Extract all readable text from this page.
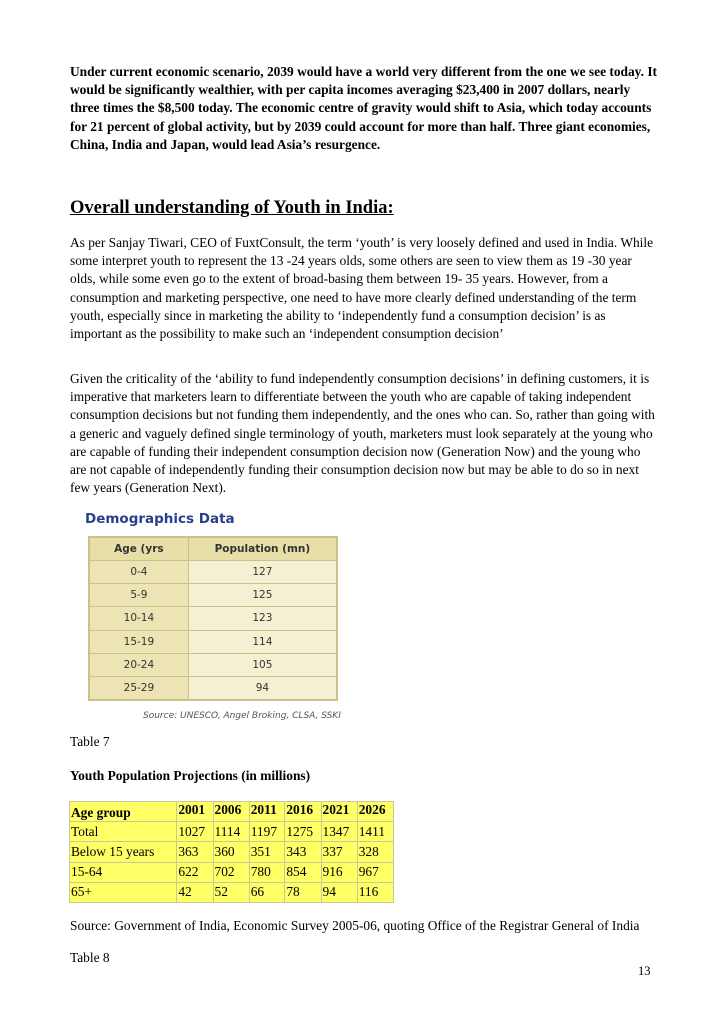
Under current economic scenario, 2039 would have a world very different from the one we see today. It would be significantly wealthier, with per capita incomes averaging $23,400 in 2007 dollars, nearly three times the $8,500 today. The economic centre of gravity would shift to Asia, which today accounts for 21 percent of global activity, but by 2039 could account for more than half. Three giant economies, China, India and Japan, would lead Asia’s resurgence.

Overall understanding of Youth in India:

As per Sanjay Tiwari, CEO of FuxtConsult, the term ‘youth’ is very loosely defined and used in India. While some interpret youth to represent the 13 -24 years olds, some others are seen to view them as 19 -30 year olds, while some even go to the extent of broad-basing them between 19- 35 years. However, from a consumption and marketing perspective, one need to have more clearly defined understanding of the term youth, especially since in marketing the ability to ‘independently fund a consumption decision’ is as important as the possibility to make such an ‘independent consumption decision’

Given the criticality of the ‘ability to fund independently consumption decisions’ in defining customers, it is imperative that marketers learn to differentiate between the youth who are capable of taking independent consumption decisions but not funding them independently, and the ones who can. So, rather than going with a generic and vaguely defined single terminology of youth, marketers must look separately at the young who are capable of funding their independent consumption decision now (Generation Now) and the young who are not capable of independently funding their consumption decision now but may be able to do so in next few years (Generation Next).

Demographics Data

Age (yrs	Population (mn)
0-4	127
5-9	125
10-14	123
15-19	114
20-24	105
25-29	94

Source: UNESCO, Angel Broking, CLSA, SSKI

Table 7

Youth Population Projections (in millions)

Age group	2001	2006	2011	2016	2021	2026
Total	1027	1114	1197	1275	1347	1411
Below 15 years	363	360	351	343	337	328
15-64	622	702	780	854	916	967
65+	42	52	66	78	94	116

Source: Government of India, Economic Survey 2005-06, quoting Office of the Registrar General of India

Table 8

13
